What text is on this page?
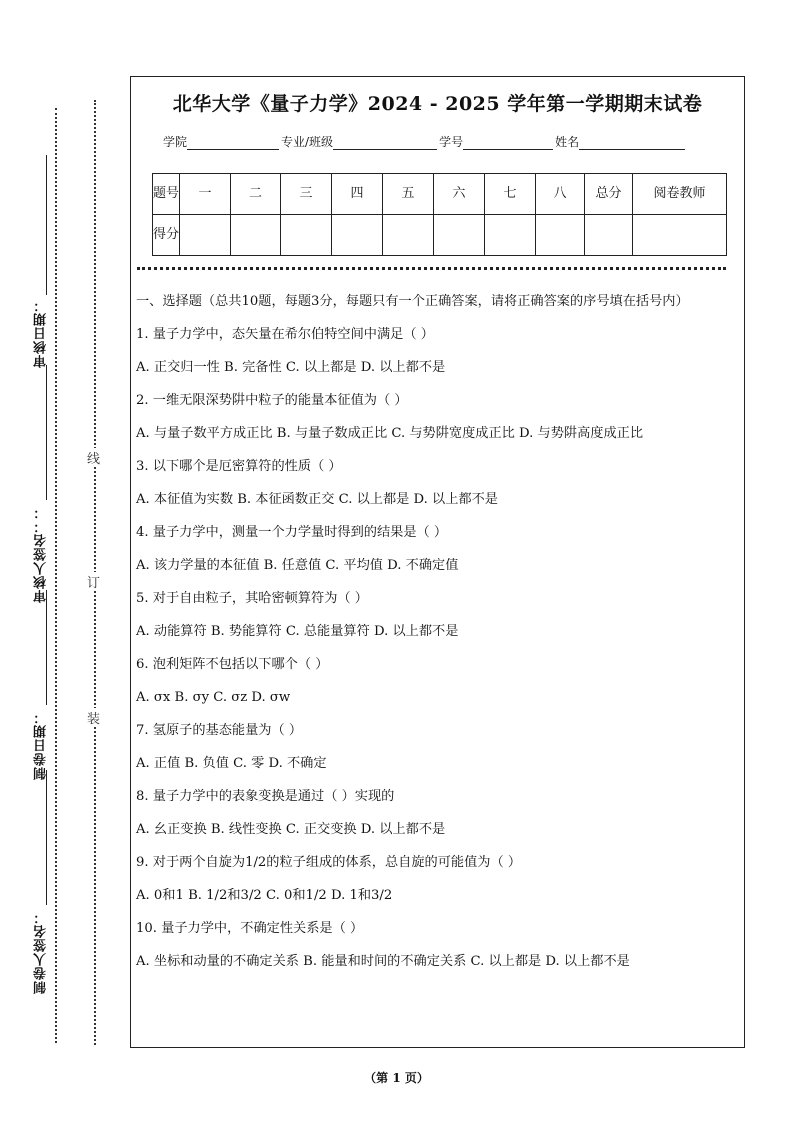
审核日期：
审核人签名：：
制卷日期：
制卷人签名：
线
订
装
北华大学《量子力学》2024 - 2025 学年第一学期期末试卷
学院	专业/班级	学号	姓名
题号	一	二	三	四	五	六	七	八	总分	阅卷教师
得分										

一、选择题（总共10题，每题3分，每题只有一个正确答案，请将正确答案的序号填在括号内）

1. 量子力学中，态矢量在希尔伯特空间中满足（ ）

A. 正交归一性 B. 完备性 C. 以上都是 D. 以上都不是

2. 一维无限深势阱中粒子的能量本征值为（ ）

A. 与量子数平方成正比 B. 与量子数成正比 C. 与势阱宽度成正比 D. 与势阱高度成正比

3. 以下哪个是厄密算符的性质（ ）

A. 本征值为实数 B. 本征函数正交 C. 以上都是 D. 以上都不是

4. 量子力学中，测量一个力学量时得到的结果是（ ）

A. 该力学量的本征值 B. 任意值 C. 平均值 D. 不确定值

5. 对于自由粒子，其哈密顿算符为（ ）

A. 动能算符 B. 势能算符 C. 总能量算符 D. 以上都不是

6. 泡利矩阵不包括以下哪个（ ）

A. σx B. σy C. σz D. σw

7. 氢原子的基态能量为（ ）

A. 正值 B. 负值 C. 零 D. 不确定

8. 量子力学中的表象变换是通过（ ）实现的

A. 幺正变换 B. 线性变换 C. 正交变换 D. 以上都不是

9. 对于两个自旋为1/2的粒子组成的体系，总自旋的可能值为（ ）

A. 0和1 B. 1/2和3/2 C. 0和1/2 D. 1和3/2

10. 量子力学中，不确定性关系是（ ）

A. 坐标和动量的不确定关系 B. 能量和时间的不确定关系 C. 以上都是 D. 以上都不是

（第 1 页）
